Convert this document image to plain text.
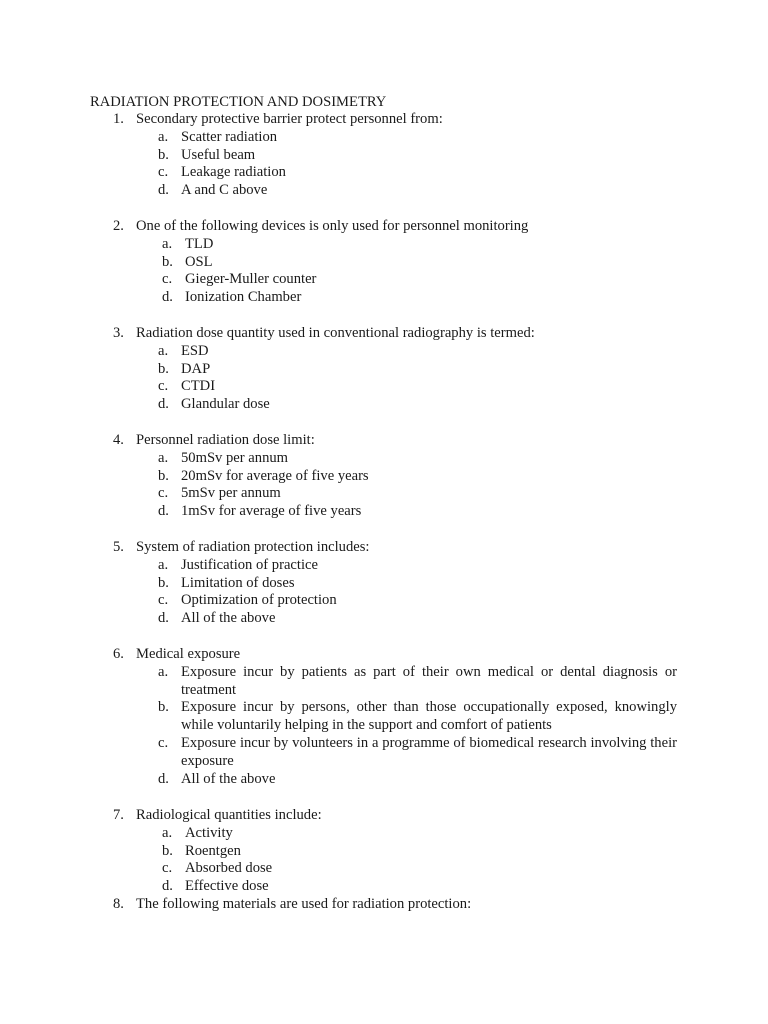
RADIATION PROTECTION AND DOSIMETRY
1. Secondary protective barrier protect personnel from:
a. Scatter radiation
b. Useful beam
c. Leakage radiation
d. A and C above
2. One of the following devices is only used for personnel monitoring
a. TLD
b. OSL
c. Gieger-Muller counter
d. Ionization Chamber
3. Radiation dose quantity used in conventional radiography is termed:
a. ESD
b. DAP
c. CTDI
d. Glandular dose
4. Personnel radiation dose limit:
a. 50mSv per annum
b. 20mSv for average of five years
c. 5mSv per annum
d. 1mSv for average of five years
5. System of radiation protection includes:
a. Justification of practice
b. Limitation of doses
c. Optimization of protection
d. All of the above
6. Medical exposure
a. Exposure incur by patients as part of their own medical or dental diagnosis or treatment
b. Exposure incur by persons, other than those occupationally exposed, knowingly while voluntarily helping in the support and comfort of patients
c. Exposure incur by volunteers in a programme of biomedical research involving their exposure
d. All of the above
7. Radiological quantities include:
a. Activity
b. Roentgen
c. Absorbed dose
d. Effective dose
8. The following materials are used for radiation protection:
